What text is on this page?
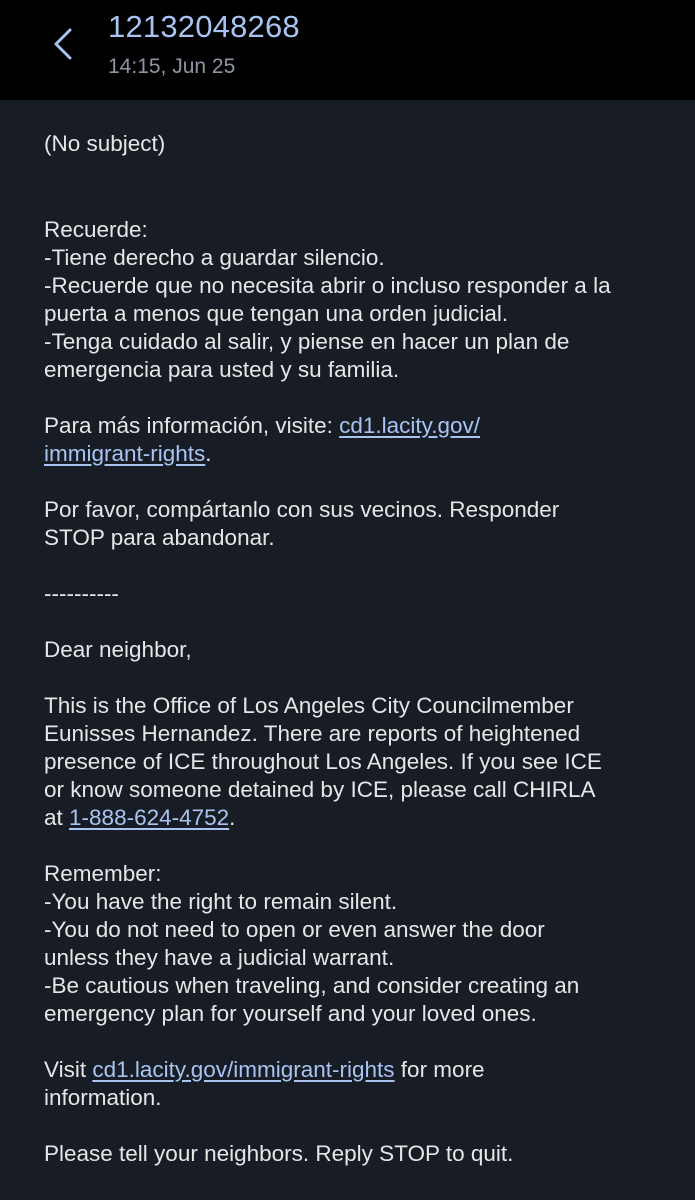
12132048268
14:15, Jun 25
(No subject)
Recuerde:
-Tiene derecho a guardar silencio.
-Recuerde que no necesita abrir o incluso responder a la
puerta a menos que tengan una orden judicial.
-Tenga cuidado al salir, y piense en hacer un plan de
emergencia para usted y su familia.
Para más información, visite: cd1.lacity.gov/
immigrant-rights.
Por favor, compártanlo con sus vecinos. Responder
STOP para abandonar.
----------
Dear neighbor,
This is the Office of Los Angeles City Councilmember
Eunisses Hernandez. There are reports of heightened
presence of ICE throughout Los Angeles. If you see ICE
or know someone detained by ICE, please call CHIRLA
at 1-888-624-4752.
Remember:
-You have the right to remain silent.
-You do not need to open or even answer the door
unless they have a judicial warrant.
-Be cautious when traveling, and consider creating an
emergency plan for yourself and your loved ones.
Visit cd1.lacity.gov/immigrant-rights for more
information.
Please tell your neighbors. Reply STOP to quit.
